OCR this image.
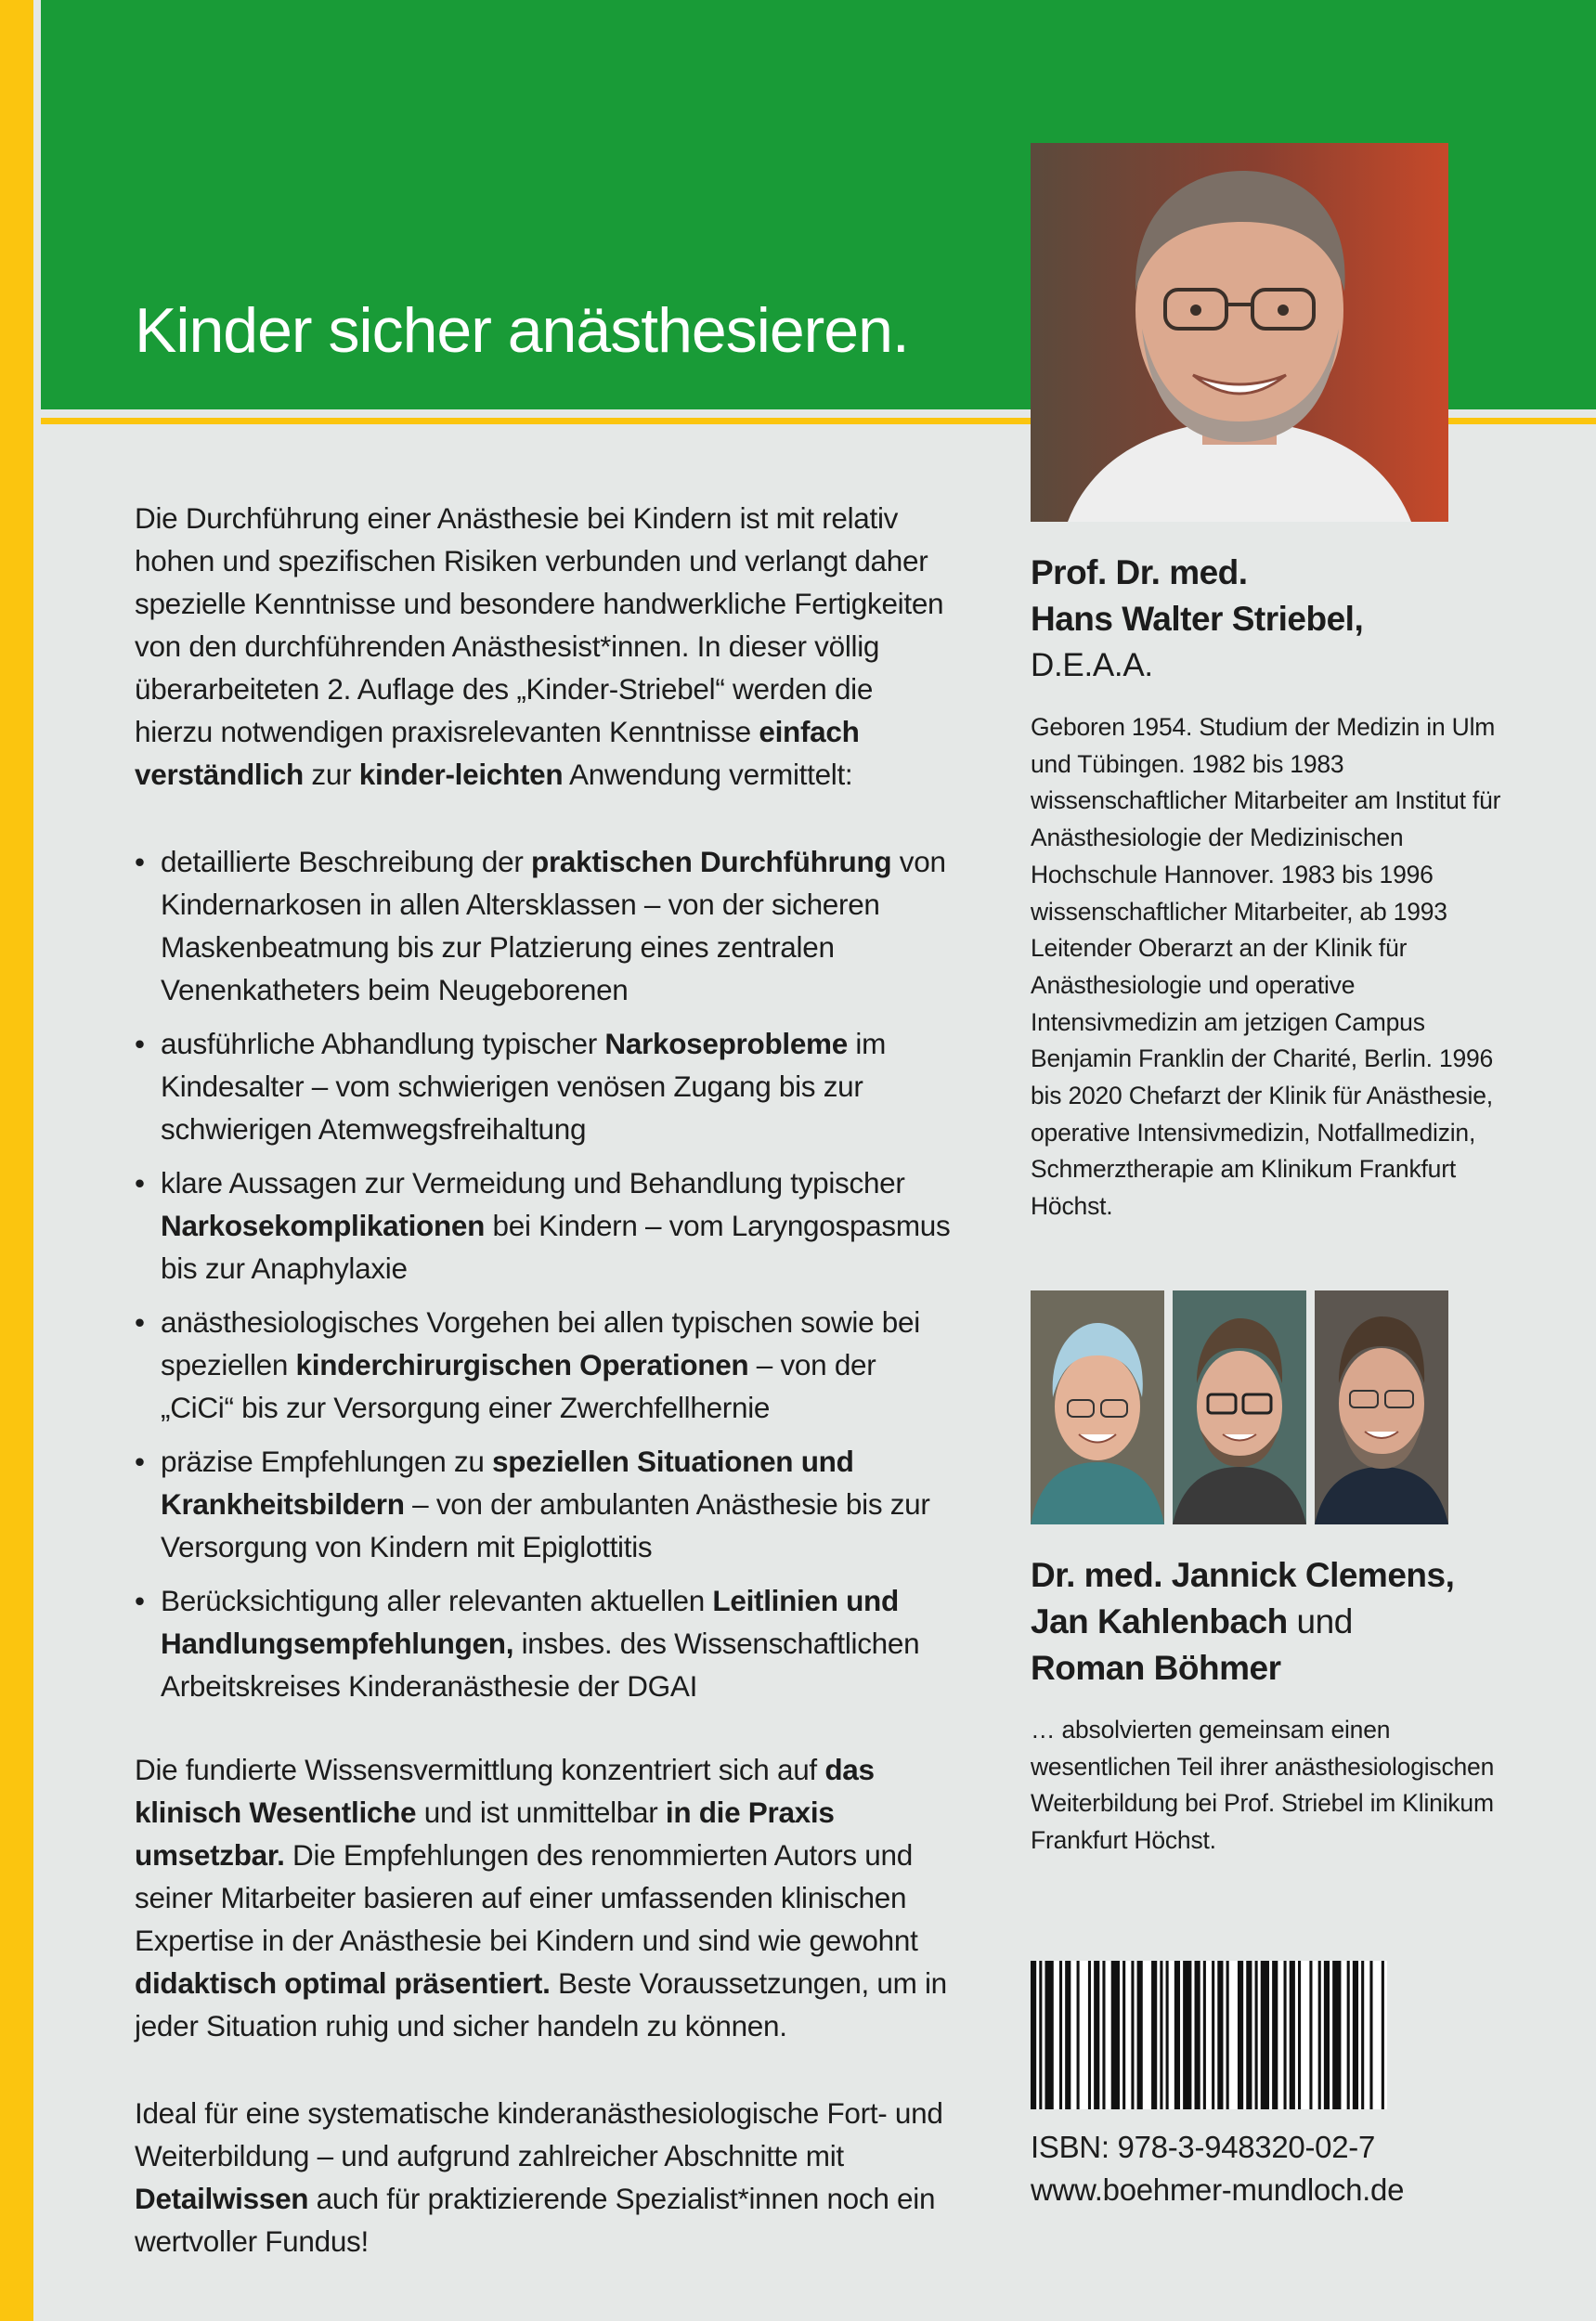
Kinder sicher anästhesieren.

Die Durchführung einer Anästhesie bei Kindern ist mit relativ hohen und spezifischen Risiken verbunden und verlangt daher spezielle Kenntnisse und besondere handwerkliche Fertigkeiten von den durchführenden Anästhesist*innen. In dieser völlig überarbeiteten 2. Auflage des „Kinder-Striebel“ werden die hierzu notwendigen praxisrelevanten Kenntnisse einfach verständlich zur kinder-leichten Anwendung vermittelt:

• detaillierte Beschreibung der praktischen Durchführung von Kindernarkosen in allen Altersklassen – von der sicheren Maskenbeatmung bis zur Platzierung eines zentralen Venenkatheters beim Neugeborenen
• ausführliche Abhandlung typischer Narkoseprobleme im Kindesalter – vom schwierigen venösen Zugang bis zur schwierigen Atemwegsfreihaltung
• klare Aussagen zur Vermeidung und Behandlung typischer Narkosekomplikationen bei Kindern – vom Laryngospasmus bis zur Anaphylaxie
• anästhesiologisches Vorgehen bei allen typischen sowie bei speziellen kinderchirurgischen Operationen – von der „CiCi“ bis zur Versorgung einer Zwerchfellhernie
• präzise Empfehlungen zu speziellen Situationen und Krankheitsbildern – von der ambulanten Anästhesie bis zur Versorgung von Kindern mit Epiglottitis
• Berücksichtigung aller relevanten aktuellen Leitlinien und Handlungsempfehlungen, insbes. des Wissenschaftlichen Arbeitskreises Kinderanästhesie der DGAI

Die fundierte Wissensvermittlung konzentriert sich auf das klinisch Wesentliche und ist unmittelbar in die Praxis umsetzbar. Die Empfehlungen des renommierten Autors und seiner Mitarbeiter basieren auf einer umfassenden klinischen Expertise in der Anästhesie bei Kindern und sind wie gewohnt didaktisch optimal präsentiert. Beste Voraussetzungen, um in jeder Situation ruhig und sicher handeln zu können.

Ideal für eine systematische kinderanästhesiologische Fort- und Weiterbildung – und aufgrund zahlreicher Abschnitte mit Detailwissen auch für praktizierende Spezialist*innen noch ein wertvoller Fundus!

Prof. Dr. med.
Hans Walter Striebel,
D.E.A.A.
Geboren 1954. Studium der Medizin in Ulm und Tübingen. 1982 bis 1983 wissenschaftlicher Mitarbeiter am Institut für Anästhesiologie der Medizinischen Hochschule Hannover. 1983 bis 1996 wissenschaftlicher Mitarbeiter, ab 1993 Leitender Oberarzt an der Klinik für Anästhesiologie und operative Intensivmedizin am jetzigen Campus Benjamin Franklin der Charité, Berlin. 1996 bis 2020 Chefarzt der Klinik für Anästhesie, operative Intensivmedizin, Notfallmedizin, Schmerztherapie am Klinikum Frankfurt Höchst.
Dr. med. Jannick Clemens,
Jan Kahlenbach und
Roman Böhmer
… absolvierten gemeinsam einen wesentlichen Teil ihrer anästhesiologischen Weiterbildung bei Prof. Striebel im Klinikum Frankfurt Höchst.
ISBN: 978-3-948320-02-7
www.boehmer-mundloch.de
